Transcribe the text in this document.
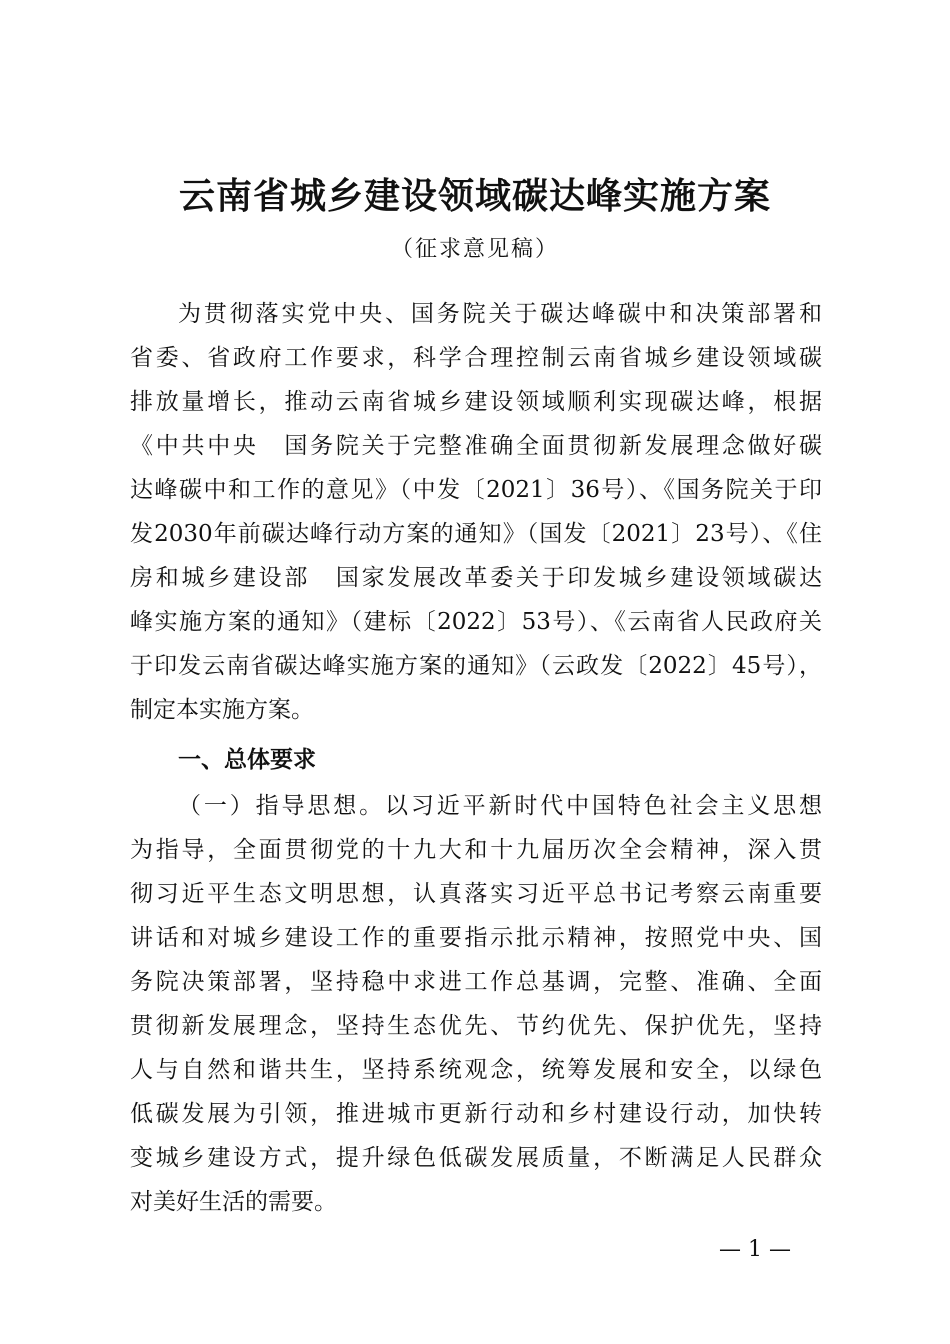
云南省城乡建设领域碳达峰实施方案
（征求意见稿）
为贯彻落实党中央、国务院关于碳达峰碳中和决策部署和
省委、省政府工作要求，科学合理控制云南省城乡建设领域碳
排放量增长，推动云南省城乡建设领域顺利实现碳达峰，根据
《中共中央　国务院关于完整准确全面贯彻新发展理念做好碳
达峰碳中和工作的意见》（中发〔2021〕36号）、《国务院关于印
发2030年前碳达峰行动方案的通知》（国发〔2021〕23号）、《住
房和城乡建设部　国家发展改革委关于印发城乡建设领域碳达
峰实施方案的通知》（建标〔2022〕53号）、《云南省人民政府关
于印发云南省碳达峰实施方案的通知》（云政发〔2022〕45号），
制定本实施方案。
一、总体要求
（一）指导思想。以习近平新时代中国特色社会主义思想
为指导，全面贯彻党的十九大和十九届历次全会精神，深入贯
彻习近平生态文明思想，认真落实习近平总书记考察云南重要
讲话和对城乡建设工作的重要指示批示精神，按照党中央、国
务院决策部署，坚持稳中求进工作总基调，完整、准确、全面
贯彻新发展理念，坚持生态优先、节约优先、保护优先，坚持
人与自然和谐共生，坚持系统观念，统筹发展和安全，以绿色
低碳发展为引领，推进城市更新行动和乡村建设行动，加快转
变城乡建设方式，提升绿色低碳发展质量，不断满足人民群众
对美好生活的需要。
— 1 —
